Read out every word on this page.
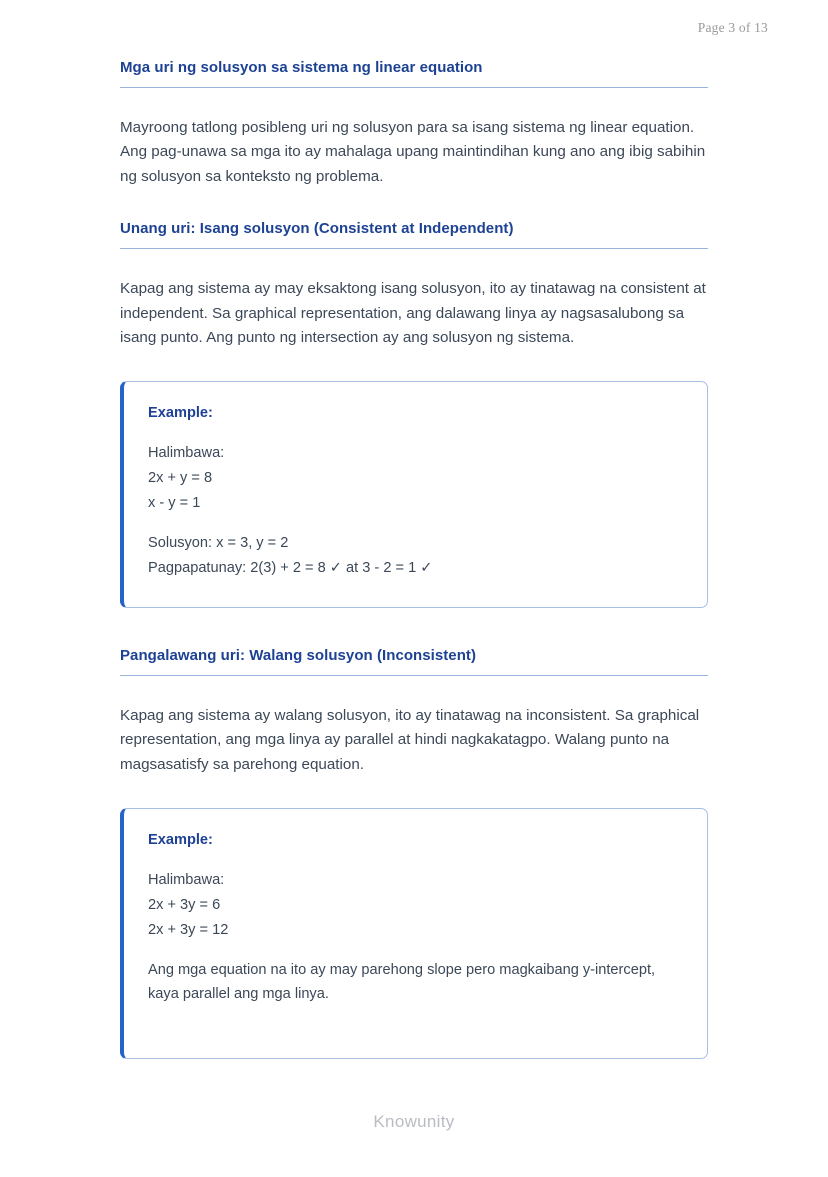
Page 3 of 13
Mga uri ng solusyon sa sistema ng linear equation

Mayroong tatlong posibleng uri ng solusyon para sa isang sistema ng linear equation. Ang pag-unawa sa mga ito ay mahalaga upang maintindihan kung ano ang ibig sabihin ng solusyon sa konteksto ng problema.

Unang uri: Isang solusyon (Consistent at Independent)

Kapag ang sistema ay may eksaktong isang solusyon, ito ay tinatawag na consistent at independent. Sa graphical representation, ang dalawang linya ay nagsasalubong sa isang punto. Ang punto ng intersection ay ang solusyon ng sistema.

Example:

Halimbawa:

2x + y = 8

x - y = 1

Solusyon: x = 3, y = 2

Pagpapatunay: 2(3) + 2 = 8 ✓ at 3 - 2 = 1 ✓

Pangalawang uri: Walang solusyon (Inconsistent)

Kapag ang sistema ay walang solusyon, ito ay tinatawag na inconsistent. Sa graphical representation, ang mga linya ay parallel at hindi nagkakatagpo. Walang punto na magsasatisfy sa parehong equation.

Example:

Halimbawa:

2x + 3y = 6

2x + 3y = 12

Ang mga equation na ito ay may parehong slope pero magkaibang y-intercept, kaya parallel ang mga linya.

Knowunity
